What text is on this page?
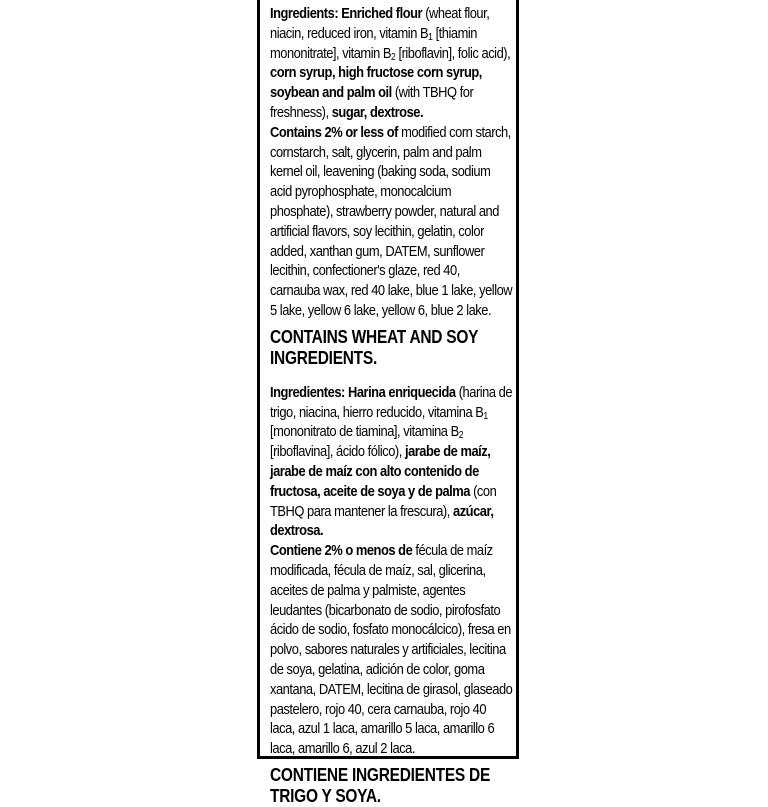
Ingredients: Enriched flour (wheat flour, niacin, reduced iron, vitamin $B_1$ [thiamin mononitrate], vitamin $B_2$ [riboflavin], folic acid), corn syrup, high fructose corn syrup, soybean and palm oil (with TBHQ for freshness), sugar, dextrose.

Contains 2% or less of modified corn starch, cornstarch, salt, glycerin, palm and palm kernel oil, leavening (baking soda, sodium acid pyrophosphate, monocalcium phosphate), strawberry powder, natural and artificial flavors, soy lecithin, gelatin, color added, xanthan gum, DATEM, sunflower lecithin, confectioner's glaze, red 40, carnauba wax, red 40 lake, blue 1 lake, yellow 5 lake, yellow 6 lake, yellow 6, blue 2 lake.

CONTAINS WHEAT AND SOY INGREDIENTS.

Ingredientes: Harina enriquecida (harina de trigo, niacina, hierro reducido, vitamina $B_1$ [mononitrato de tiamina], vitamina $B_2$ [riboflavina], ácido fólico), jarabe de maíz, jarabe de maíz con alto contenido de fructosa, aceite de soya y de palma (con TBHQ para mantener la frescura), azúcar, dextrosa.

Contiene 2% o menos de fécula de maíz modificada, fécula de maíz, sal, glicerina, aceites de palma y palmiste, agentes leudantes (bicarbonato de sodio, pirofosfato ácido de sodio, fosfato monocálcico), fresa en polvo, sabores naturales y artificiales, lecitina de soya, gelatina, adición de color, goma xantana, DATEM, lecitina de girasol, glaseado pastelero, rojo 40, cera carnauba, rojo 40 laca, azul 1 laca, amarillo 5 laca, amarillo 6 laca, amarillo 6, azul 2 laca.

CONTIENE INGREDIENTES DE TRIGO Y SOYA.
